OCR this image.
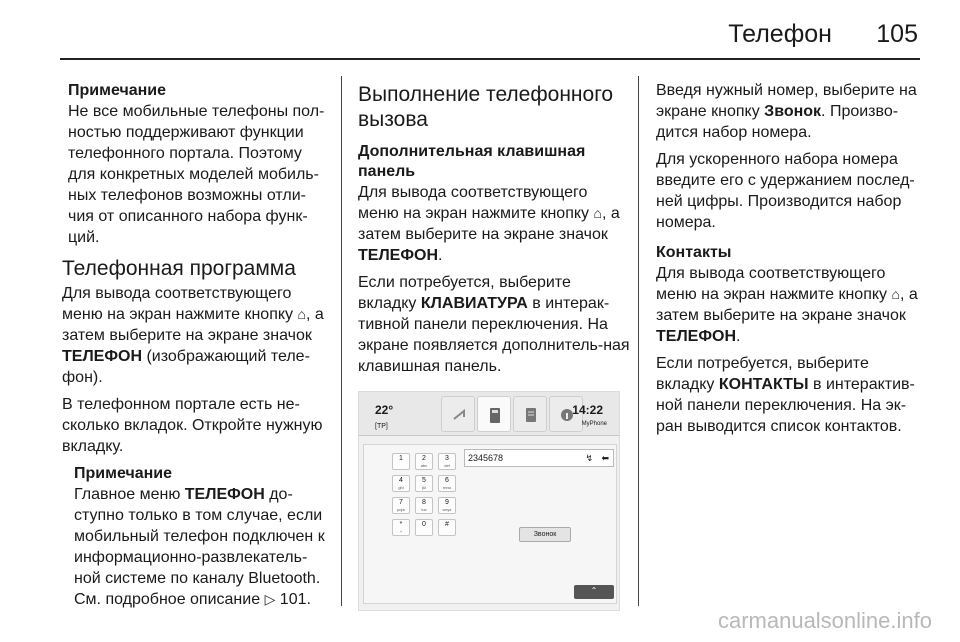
Телефон 105
Примечание
Не все мобильные телефоны пол-ностью поддерживают функции телефонного портала. Поэтому для конкретных моделей мобиль-ных телефонов возможны отли-чия от описанного набора функ-ций.
Телефонная программа

Для вывода соответствующего меню на экран нажмите кнопку ⌂, а затем выберите на экране значок ТЕЛЕФОН (изображающий теле-фон).

В телефонном портале есть не-сколько вкладок. Откройте нужную вкладку.

Примечание
Главное меню ТЕЛЕФОН до-ступно только в том случае, если мобильный телефон подключен к информационно-развлекатель-ной системе по каналу Bluetooth. См. подробное описание ▷ 101.
Выполнение телефонного вызова
Дополнительная клавишная панель

Для вывода соответствующего меню на экран нажмите кнопку ⌂, а затем выберите на экране значок ТЕЛЕФОН.

Если потребуется, выберите вкладку КЛАВИАТУРА в интерак-тивной панели переключения. На экране появляется дополнитель-ная клавишная панель.

22°
[TP]
14:22
MyPhone
2345678	↯ ⬅
1	2
abc
3
def
4
ghi
5
jkl
6
mno
7
pqrs
8
tuv
9
wxyz
*
+
0	#
Звонок
⌃

Введя нужный номер, выберите на экране кнопку Звонок. Произво-дится набор номера.

Для ускоренного набора номера введите его с удержанием послед-ней цифры. Производится набор номера.

Контакты

Для вывода соответствующего меню на экран нажмите кнопку ⌂, а затем выберите на экране значок ТЕЛЕФОН.

Если потребуется, выберите вкладку КОНТАКТЫ в интерактив-ной панели переключения. На эк-ран выводится список контактов.

carmanualsonline.info
